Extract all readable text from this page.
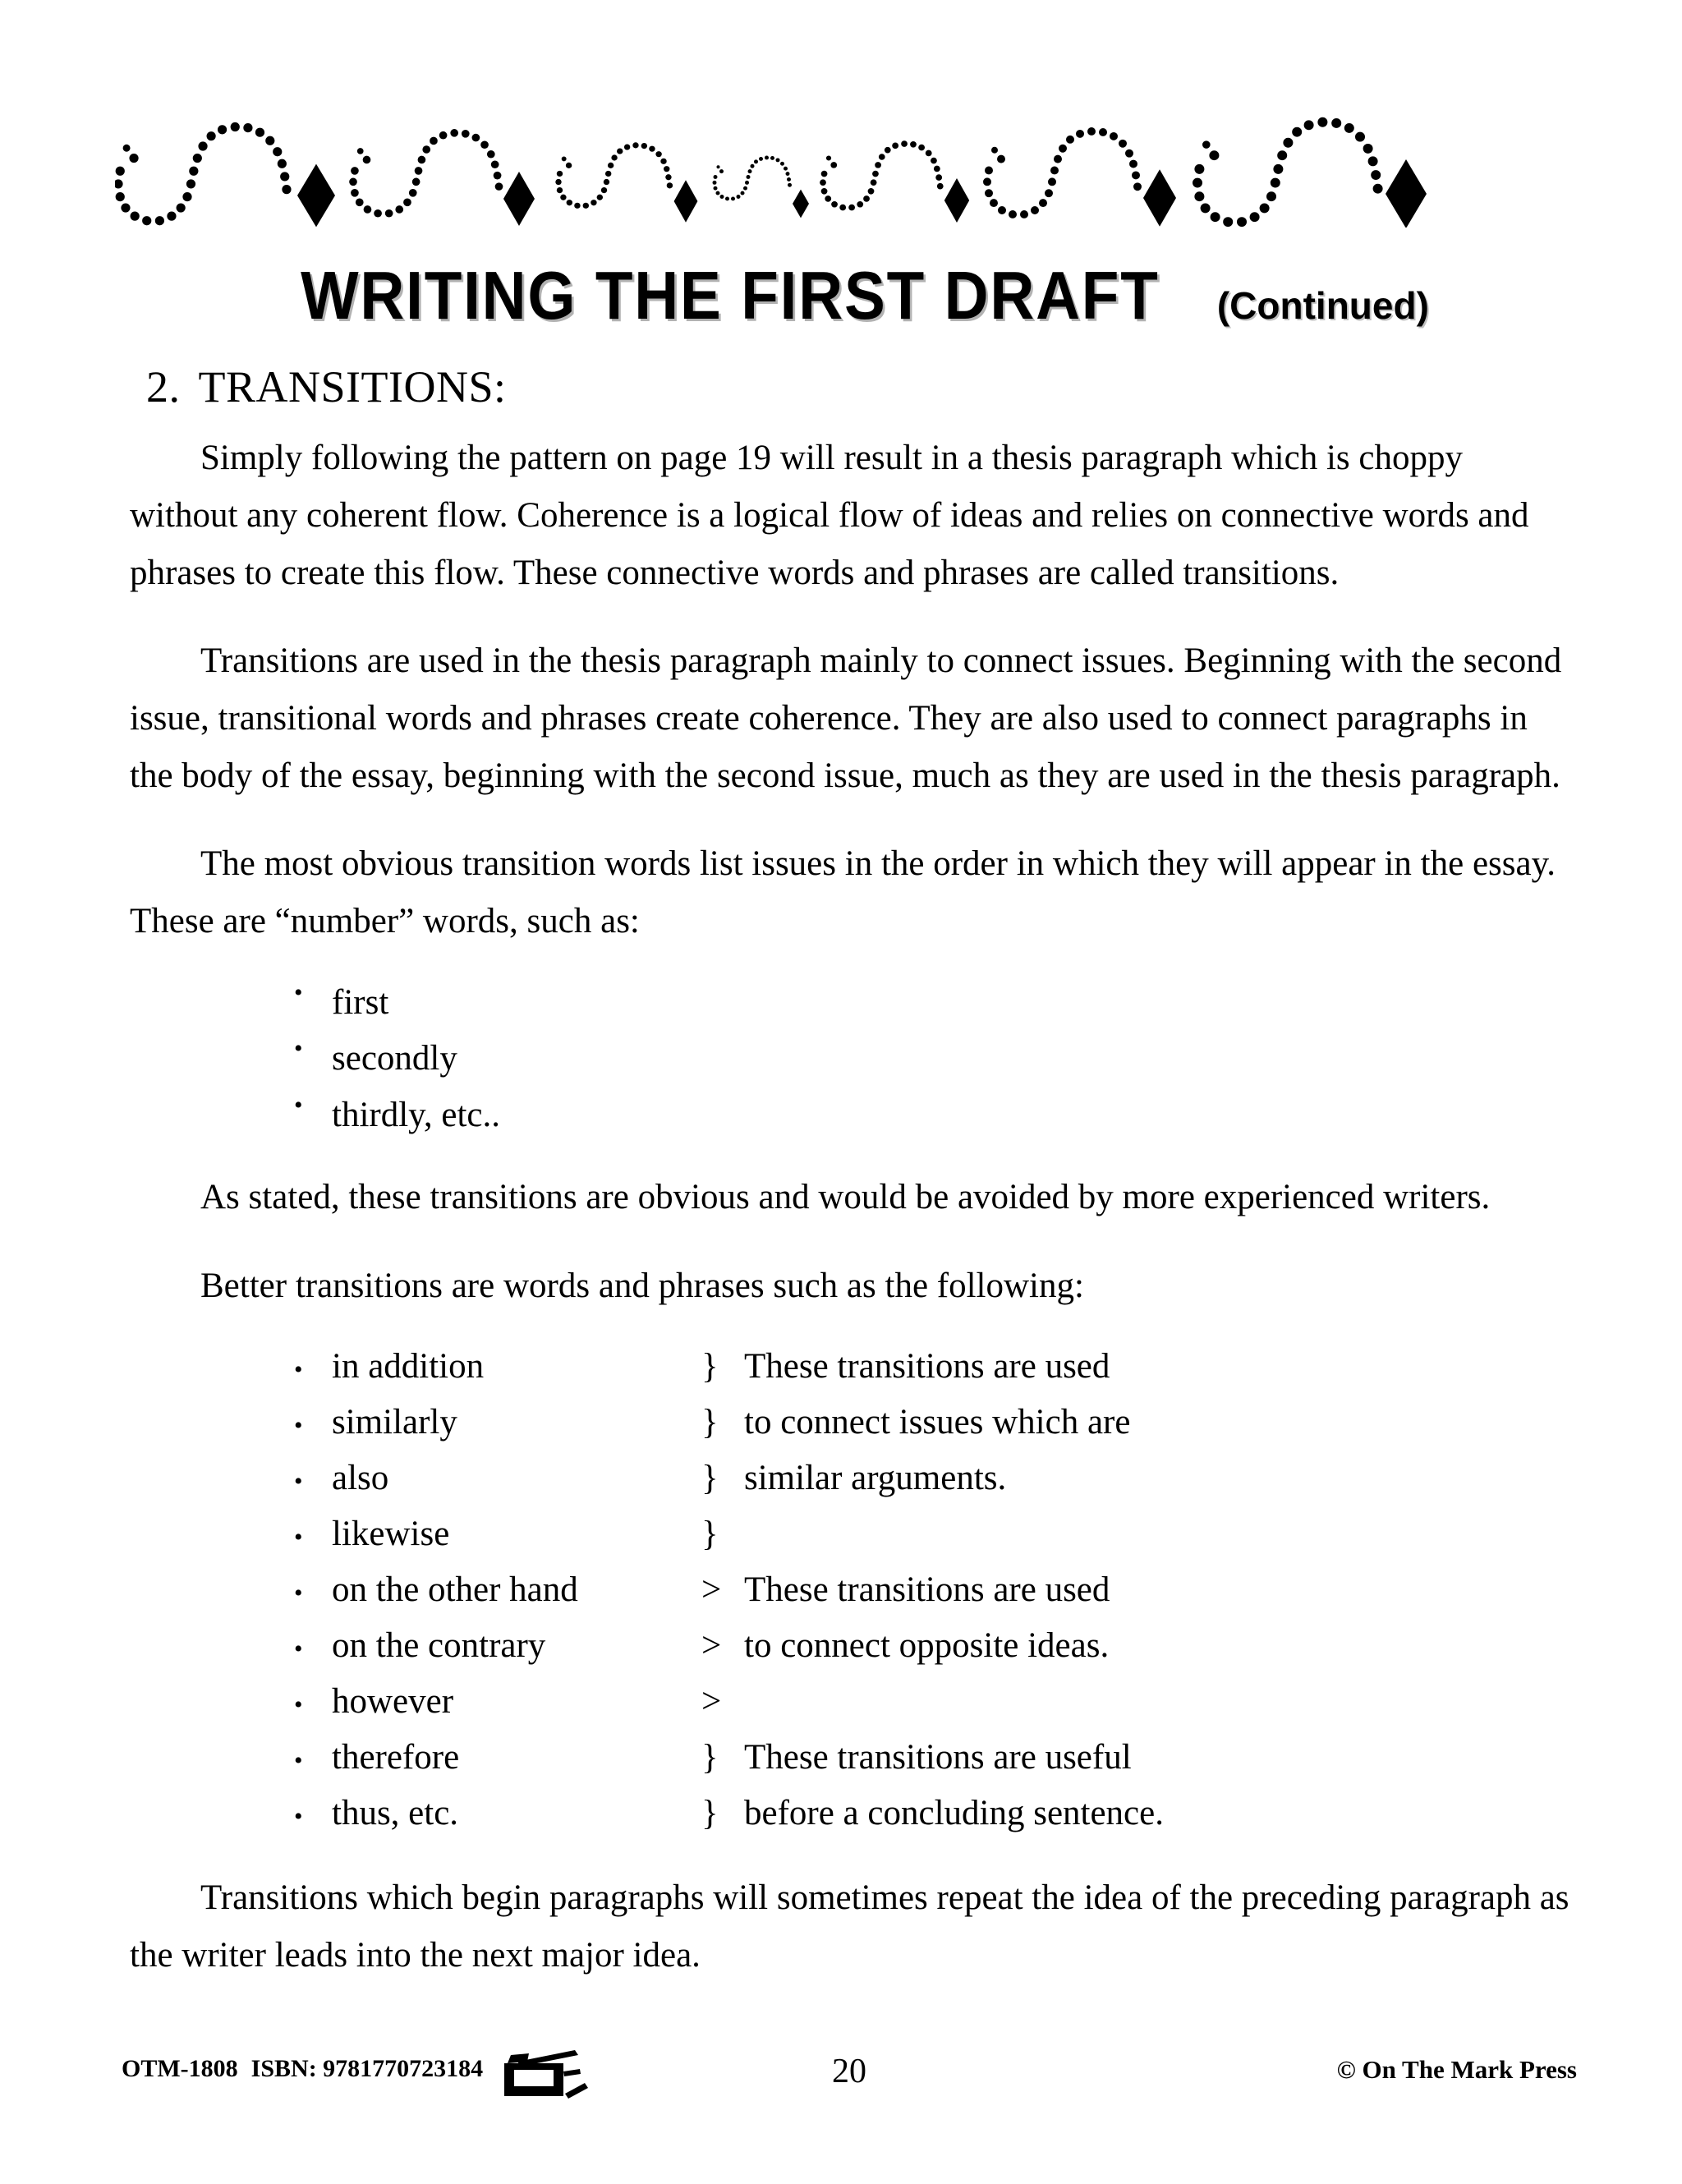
WRITING THE FIRST DRAFT (Continued)
2. TRANSITIONS:

Simply following the pattern on page 19 will result in a thesis paragraph which is choppy without any coherent flow. Coherence is a logical flow of ideas and relies on connective words and phrases to create this flow. These connective words and phrases are called transitions.

Transitions are used in the thesis paragraph mainly to connect issues. Beginning with the second issue, transitional words and phrases create coherence. They are also used to connect paragraphs in the body of the essay, beginning with the second issue, much as they are used in the thesis paragraph.

The most obvious transition words list issues in the order in which they will appear in the essay. These are “number” words, such as:

• first
• secondly
• thirdly, etc..

As stated, these transitions are obvious and would be avoided by more experienced writers.

Better transitions are words and phrases such as the following:

•	in addition	}	These transitions are used
•	similarly	}	to connect issues which are
•	also	}	similar arguments.
•	likewise	}	
•	on the other hand	>	These transitions are used
•	on the contrary	>	to connect opposite ideas.
•	however	>	
•	therefore	}	These transitions are useful
•	thus, etc.	}	before a concluding sentence.

Transitions which begin paragraphs will sometimes repeat the idea of the preceding paragraph as the writer leads into the next major idea.

OTM-1808 ISBN: 9781770723184	20	© On The Mark Press
